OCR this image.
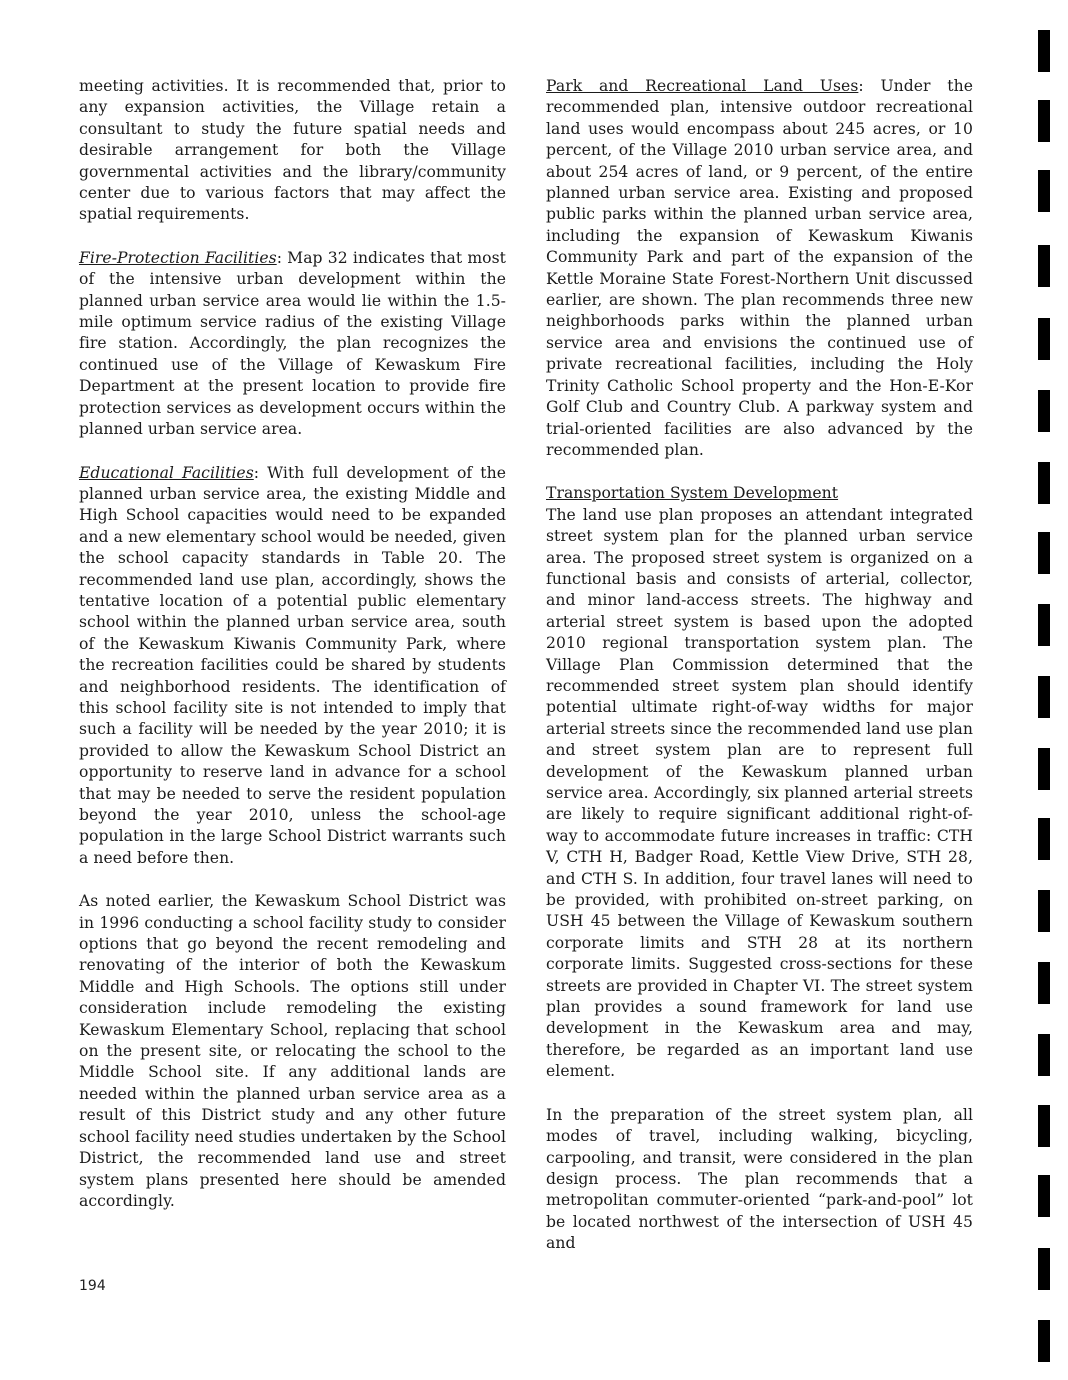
meeting activities. It is recommended that, prior to any expansion activities, the Village retain a consultant to study the future spatial needs and desirable arrangement for both the Village governmental activities and the library/community center due to various factors that may affect the spatial requirements.

Fire-Protection Facilities: Map 32 indicates that most of the intensive urban development within the planned urban service area would lie within the 1.5-mile optimum service radius of the existing Village fire station. Accordingly, the plan recognizes the continued use of the Village of Kewaskum Fire Department at the present location to provide fire protection services as development occurs within the planned urban service area.

Educational Facilities: With full development of the planned urban service area, the existing Middle and High School capacities would need to be expanded and a new elementary school would be needed, given the school capacity standards in Table 20. The recommended land use plan, accordingly, shows the tentative location of a potential public elementary school within the planned urban service area, south of the Kewaskum Kiwanis Community Park, where the recreation facilities could be shared by students and neighborhood residents. The identification of this school facility site is not intended to imply that such a facility will be needed by the year 2010; it is provided to allow the Kewaskum School District an opportunity to reserve land in advance for a school that may be needed to serve the resident population beyond the year 2010, unless the school-age population in the large School District warrants such a need before then.

As noted earlier, the Kewaskum School District was in 1996 conducting a school facility study to consider options that go beyond the recent remodeling and renovating of the interior of both the Kewaskum Middle and High Schools. The options still under consideration include remodeling the existing Kewaskum Elementary School, replacing that school on the present site, or relocating the school to the Middle School site. If any additional lands are needed within the planned urban service area as a result of this District study and any other future school facility need studies undertaken by the School District, the recommended land use and street system plans presented here should be amended accordingly.

Park and Recreational Land Uses: Under the recommended plan, intensive outdoor recreational land uses would encompass about 245 acres, or 10 percent, of the Village 2010 urban service area, and about 254 acres of land, or 9 percent, of the entire planned urban service area. Existing and proposed public parks within the planned urban service area, including the expansion of Kewaskum Kiwanis Community Park and part of the expansion of the Kettle Moraine State Forest-Northern Unit discussed earlier, are shown. The plan recommends three new neighborhoods parks within the planned urban service area and envisions the continued use of private recreational facilities, including the Holy Trinity Catholic School property and the Hon-E-Kor Golf Club and Country Club. A parkway system and trial-oriented facilities are also advanced by the recommended plan.

Transportation System Development
The land use plan proposes an attendant integrated street system plan for the planned urban service area. The proposed street system is organized on a functional basis and consists of arterial, collector, and minor land-access streets. The highway and arterial street system is based upon the adopted 2010 regional transportation system plan. The Village Plan Commission determined that the recommended street system plan should identify potential ultimate right-of-way widths for major arterial streets since the recommended land use plan and street system plan are to represent full development of the Kewaskum planned urban service area. Accordingly, six planned arterial streets are likely to require significant additional right-of-way to accommodate future increases in traffic: CTH V, CTH H, Badger Road, Kettle View Drive, STH 28, and CTH S. In addition, four travel lanes will need to be provided, with prohibited on-street parking, on USH 45 between the Village of Kewaskum southern corporate limits and STH 28 at its northern corporate limits. Suggested cross-sections for these streets are provided in Chapter VI. The street system plan provides a sound framework for land use development in the Kewaskum area and may, therefore, be regarded as an important land use element.

In the preparation of the street system plan, all modes of travel, including walking, bicycling, carpooling, and transit, were considered in the plan design process. The plan recommends that a metropolitan commuter-oriented “park-and-pool” lot be located northwest of the intersection of USH 45 and

194
